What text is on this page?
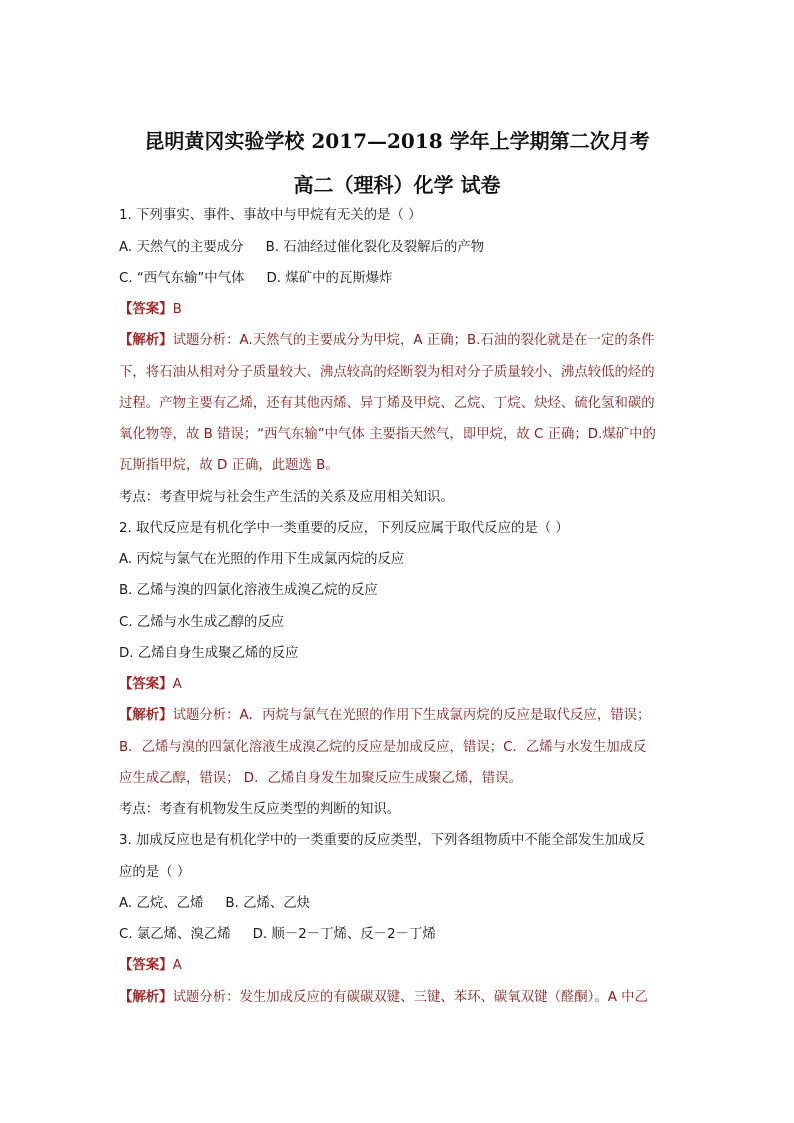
昆明黄冈实验学校 2017—2018 学年上学期第二次月考
高二（理科）化学 试卷
1. 下列事实、事件、事故中与甲烷有无关的是（ ）
A. 天然气的主要成分 B. 石油经过催化裂化及裂解后的产物
C. “西气东输”中气体 D. 煤矿中的瓦斯爆炸
【答案】B
【解析】试题分析：A.天然气的主要成分为甲烷，A 正确；B.石油的裂化就是在一定的条件
下，将石油从相对分子质量较大、沸点较高的烃断裂为相对分子质量较小、沸点较低的烃的
过程。产物主要有乙烯，还有其他丙烯、异丁烯及甲烷、乙烷、丁烷、炔烃、硫化氢和碳的
氧化物等，故 B 错误；“西气东输”中气体 主要指天然气，即甲烷，故 C 正确；D.煤矿中的
瓦斯指甲烷，故 D 正确，此题选 B。
考点：考查甲烷与社会生产生活的关系及应用相关知识。
2. 取代反应是有机化学中一类重要的反应，下列反应属于取代反应的是（ ）
A. 丙烷与氯气在光照的作用下生成氯丙烷的反应
B. 乙烯与溴的四氯化溶液生成溴乙烷的反应
C. 乙烯与水生成乙醇的反应
D. 乙烯自身生成聚乙烯的反应
【答案】A
【解析】试题分析：A．丙烷与氯气在光照的作用下生成氯丙烷的反应是取代反应，错误；
B．乙烯与溴的四氯化溶液生成溴乙烷的反应是加成反应，错误；C．乙烯与水发生加成反
应生成乙醇，错误； D．乙烯自身发生加聚反应生成聚乙烯，错误。
考点：考查有机物发生反应类型的判断的知识。
3. 加成反应也是有机化学中的一类重要的反应类型，下列各组物质中不能全部发生加成反
应的是（ ）
A. 乙烷、乙烯 B. 乙烯、乙炔
C. 氯乙烯、溴乙烯 D. 顺－2－丁烯、反－2－丁烯
【答案】A
【解析】试题分析：发生加成反应的有碳碳双键、三键、苯环、碳氧双键（醛酮）。A 中乙
